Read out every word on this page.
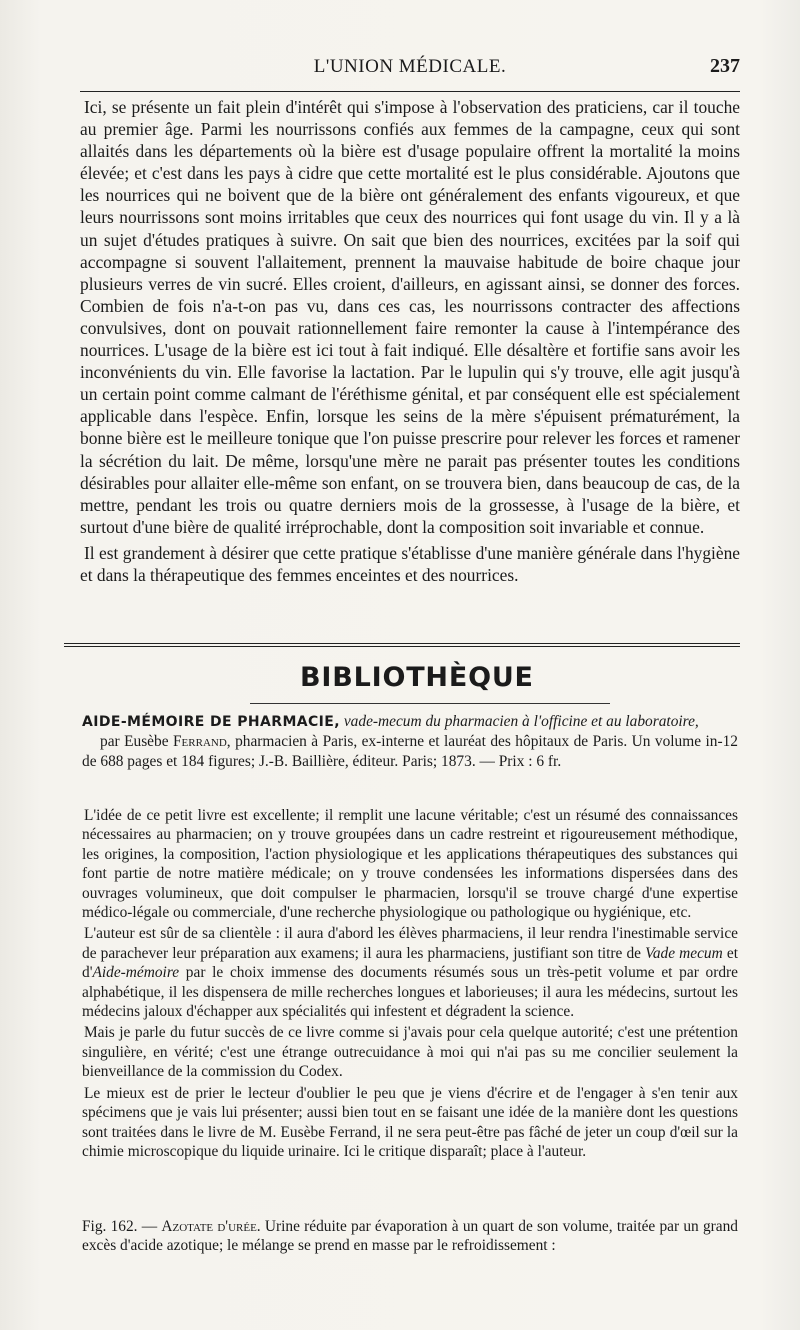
L'UNION MÉDICALE.	237

Ici, se présente un fait plein d'intérêt qui s'impose à l'observation des praticiens, car il touche au premier âge. Parmi les nourrissons confiés aux femmes de la campagne, ceux qui sont allaités dans les départements où la bière est d'usage populaire offrent la mortalité la moins élevée; et c'est dans les pays à cidre que cette mortalité est le plus considérable. Ajoutons que les nourrices qui ne boivent que de la bière ont généralement des enfants vigoureux, et que leurs nourrissons sont moins irritables que ceux des nourrices qui font usage du vin. Il y a là un sujet d'études pratiques à suivre. On sait que bien des nourrices, excitées par la soif qui accompagne si souvent l'allaitement, prennent la mauvaise habitude de boire chaque jour plusieurs verres de vin sucré. Elles croient, d'ailleurs, en agissant ainsi, se donner des forces. Combien de fois n'a-t-on pas vu, dans ces cas, les nourrissons contracter des affections convulsives, dont on pouvait rationnellement faire remonter la cause à l'intempérance des nourrices. L'usage de la bière est ici tout à fait indiqué. Elle désaltère et fortifie sans avoir les inconvénients du vin. Elle favorise la lactation. Par le lupulin qui s'y trouve, elle agit jusqu'à un certain point comme calmant de l'éréthisme génital, et par conséquent elle est spécialement applicable dans l'espèce. Enfin, lorsque les seins de la mère s'épuisent prématurément, la bonne bière est le meilleure tonique que l'on puisse prescrire pour relever les forces et ramener la sécrétion du lait. De même, lorsqu'une mère ne parait pas présenter toutes les conditions désirables pour allaiter elle-même son enfant, on se trouvera bien, dans beaucoup de cas, de la mettre, pendant les trois ou quatre derniers mois de la grossesse, à l'usage de la bière, et surtout d'une bière de qualité irréprochable, dont la composition soit invariable et connue.

Il est grandement à désirer que cette pratique s'établisse d'une manière générale dans l'hygiène et dans la thérapeutique des femmes enceintes et des nourrices.

BIBLIOTHÈQUE

AIDE-MÉMOIRE DE PHARMACIE, vade-mecum du pharmacien à l'officine et au laboratoire,
par Eusèbe Ferrand, pharmacien à Paris, ex-interne et lauréat des hôpitaux de Paris. Un volume in-12 de 688 pages et 184 figures; J.-B. Baillière, éditeur. Paris; 1873. — Prix : 6 fr.

L'idée de ce petit livre est excellente; il remplit une lacune véritable; c'est un résumé des connaissances nécessaires au pharmacien; on y trouve groupées dans un cadre restreint et rigoureusement méthodique, les origines, la composition, l'action physiologique et les applications thérapeutiques des substances qui font partie de notre matière médicale; on y trouve condensées les informations dispersées dans des ouvrages volumineux, que doit compulser le pharmacien, lorsqu'il se trouve chargé d'une expertise médico-légale ou commerciale, d'une recherche physiologique ou pathologique ou hygiénique, etc.

L'auteur est sûr de sa clientèle : il aura d'abord les élèves pharmaciens, il leur rendra l'inestimable service de parachever leur préparation aux examens; il aura les pharmaciens, justifiant son titre de Vade mecum et d'Aide-mémoire par le choix immense des documents résumés sous un très-petit volume et par ordre alphabétique, il les dispensera de mille recherches longues et laborieuses; il aura les médecins, surtout les médecins jaloux d'échapper aux spécialités qui infestent et dégradent la science.

Mais je parle du futur succès de ce livre comme si j'avais pour cela quelque autorité; c'est une prétention singulière, en vérité; c'est une étrange outrecuidance à moi qui n'ai pas su me concilier seulement la bienveillance de la commission du Codex.

Le mieux est de prier le lecteur d'oublier le peu que je viens d'écrire et de l'engager à s'en tenir aux spécimens que je vais lui présenter; aussi bien tout en se faisant une idée de la manière dont les questions sont traitées dans le livre de M. Eusèbe Ferrand, il ne sera peut-être pas fâché de jeter un coup d'œil sur la chimie microscopique du liquide urinaire. Ici le critique disparaît; place à l'auteur.

Fig. 162. — Azotate d'urée. Urine réduite par évaporation à un quart de son volume, traitée par un grand excès d'acide azotique; le mélange se prend en masse par le refroidissement :
